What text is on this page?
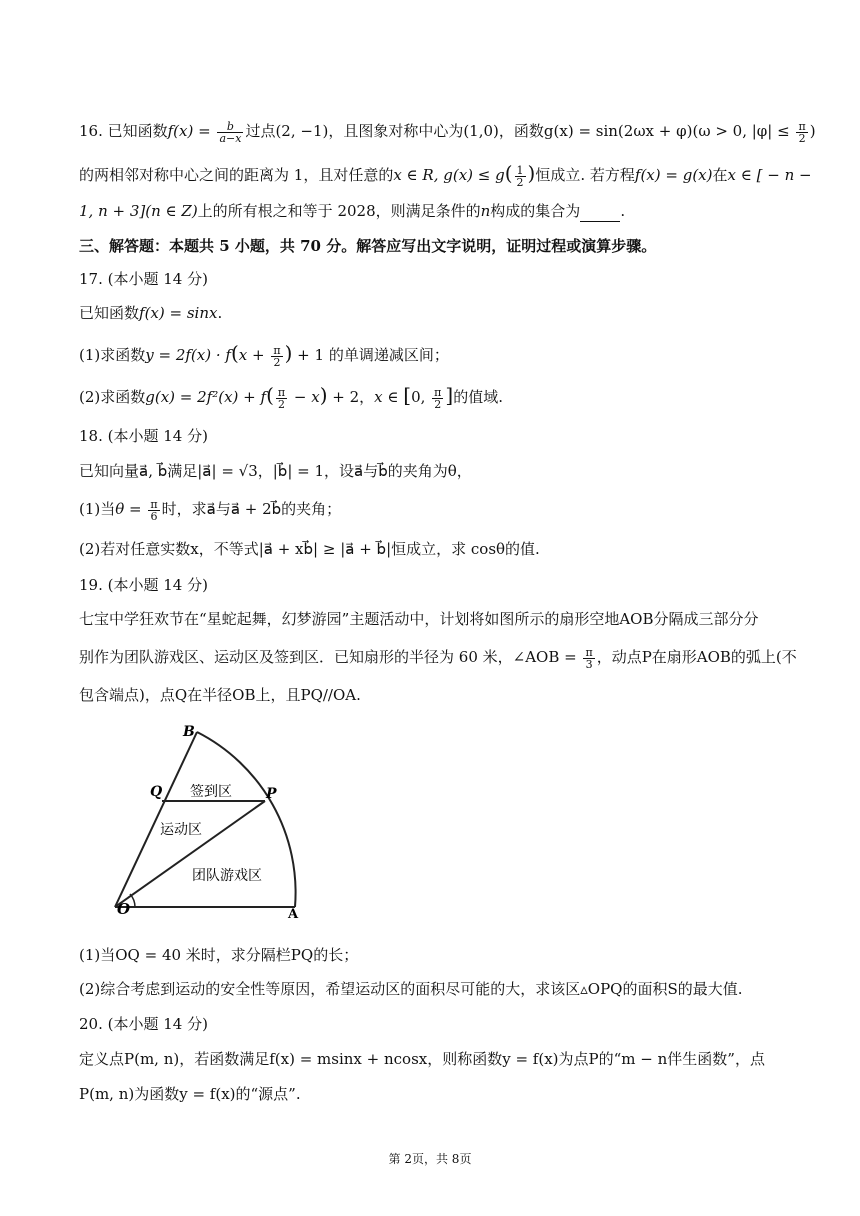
16. 已知函数$f(x) = \frac{b}{a-x}$ 过点(2, −1)，且图象对称中心为(1,0)，函数g(x) = sin(2ωx + φ)(ω > 0, $|\varphi| \le \frac{\pi}{2}$ )
的两相邻对称中心之间的距离为 1，且对任意的x ∈ R, $g(x) \le g( \frac{1}{2}$ )恒成立. 若方程f(x) = g(x)在x ∈ [ − n −
1, n + 3](n ∈ Z)上的所有根之和等于 2028，则满足条件的n构成的集合为	.
三、解答题：本题共 5 小题，共 70 分。解答应写出文字说明，证明过程或演算步骤。
17. (本小题 14 分)
已知函数f(x) = sinx.
(1)求函数$y = 2f(x) \cdot f(x + \frac{\pi}{2}$ ) + 1 的单调递减区间；
(2)求函数$g(x) = 2f^2(x) + f( \frac{\pi}{2} - x) + 2$，x ∈ [0, $\frac{\pi}{2}$ ]的值域.
18. (本小题 14 分)
已知向量a⃗, b⃗满足|a⃗| = √3，|b⃗| = 1，设a⃗与b⃗的夹角为θ，
(1)当$\theta = \frac{\pi}{6}$ 时，求a⃗与a⃗ + 2b⃗的夹角；
(2)若对任意实数x，不等式|a⃗ + xb⃗| ≥ |a⃗ + b⃗|恒成立，求 cosθ的值.
19. (本小题 14 分)
七宝中学狂欢节在“星蛇起舞，幻梦游园”主题活动中，计划将如图所示的扇形空地AOB分隔成三部分分
别作为团队游戏区、运动区及签到区．已知扇形的半径为 60 米，∠AOB = $\frac{\pi}{3}$ ，动点P在扇形AOB的弧上(不
包含端点)，点Q在半径OB上，且PQ//OA.
O	A
B
Q	P
签到区
运动区
团队游戏区
(1)当OQ = 40 米时，求分隔栏PQ的长；
(2)综合考虑到运动的安全性等原因，希望运动区的面积尽可能的大，求该区▵OPQ的面积S的最大值.
20. (本小题 14 分)
定义点P(m, n)，若函数满足f(x) = msinx + ncosx，则称函数y = f(x)为点P的“m − n伴生函数”，点
P(m, n)为函数y = f(x)的“源点”.
第 2页，共 8页
